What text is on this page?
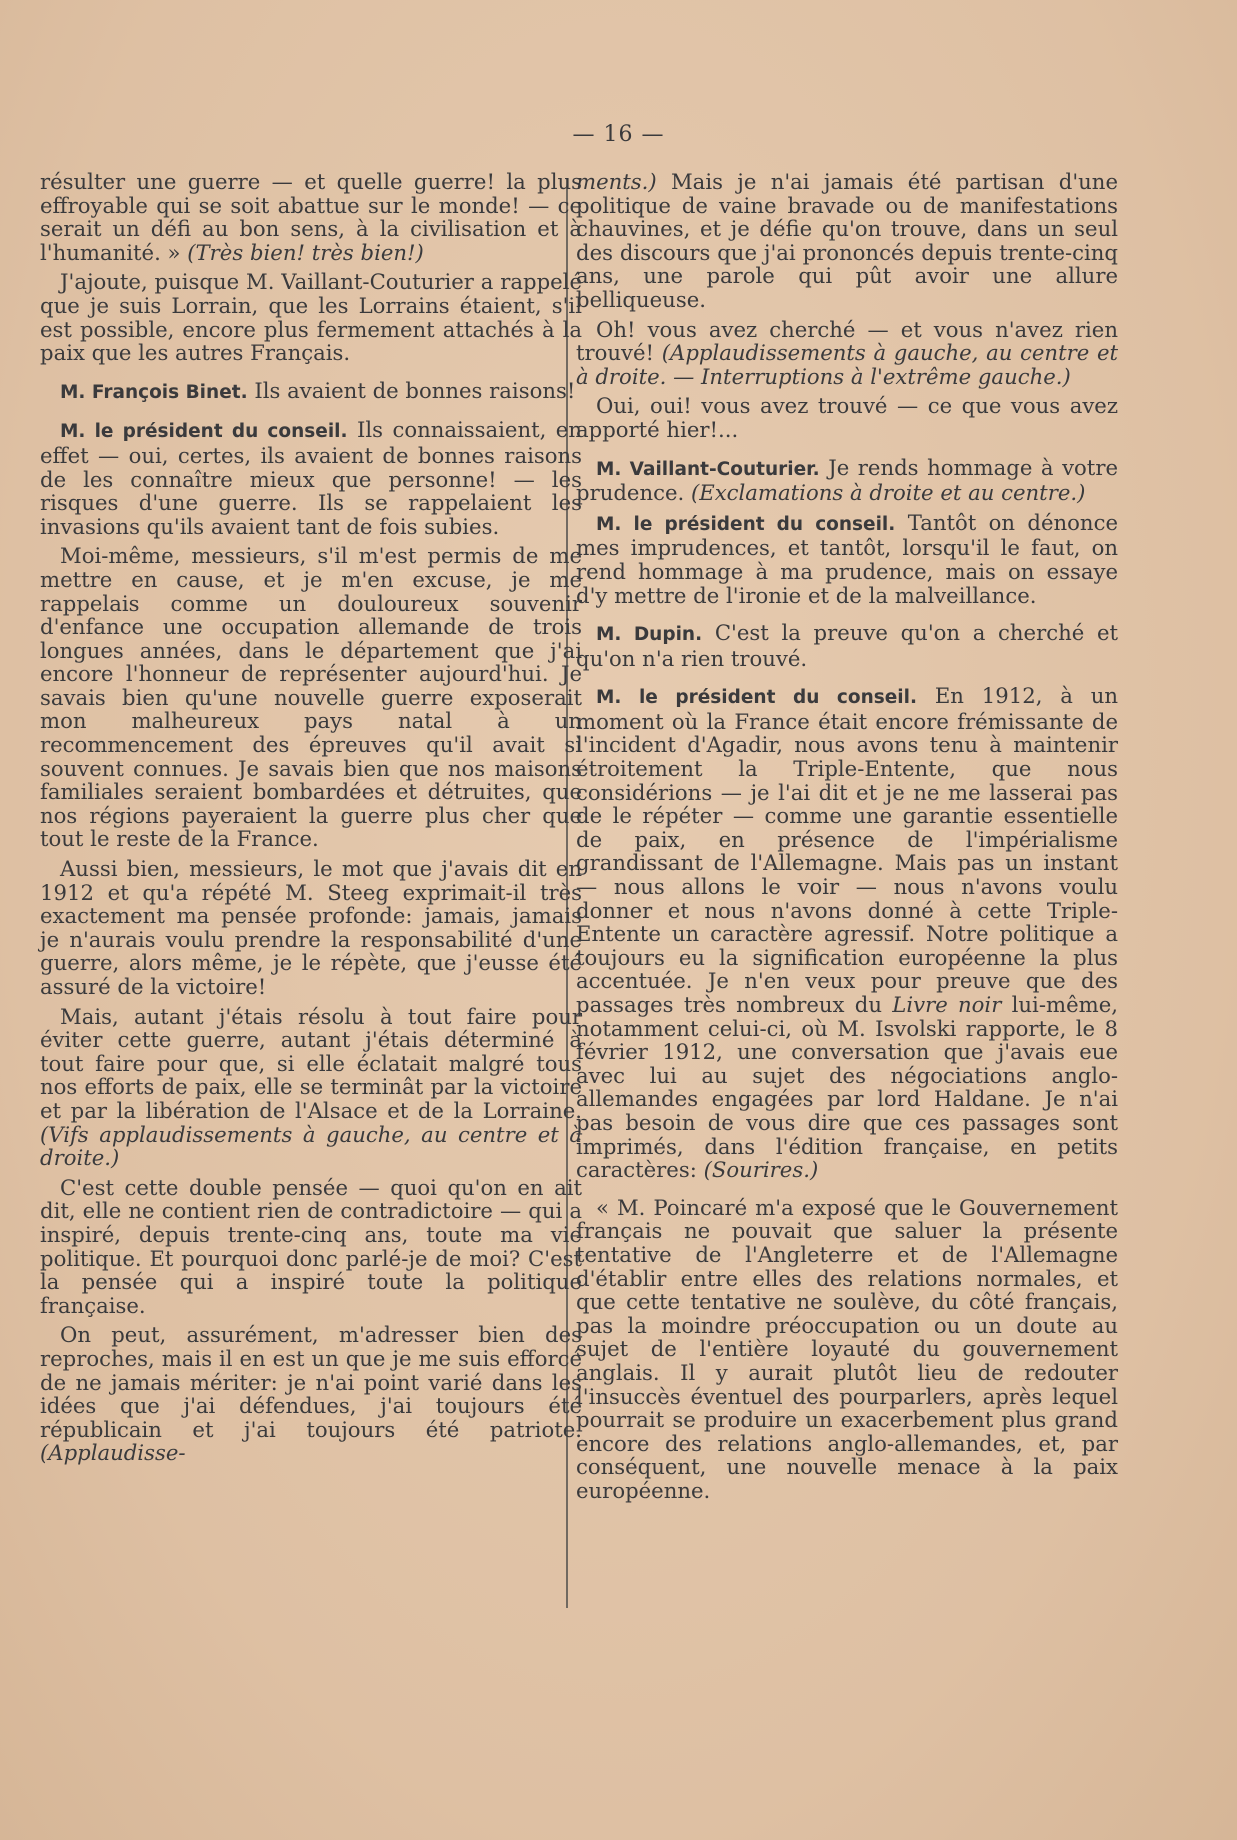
— 16 —

résulter une guerre — et quelle guerre! la plus effroyable qui se soit abattue sur le monde! — ce serait un défi au bon sens, à la civilisation et à l'humanité. » (Très bien! très bien!)

J'ajoute, puisque M. Vaillant-Couturier a rappelé que je suis Lorrain, que les Lorrains étaient, s'il est possible, encore plus fermement attachés à la paix que les autres Français.

M. François Binet. Ils avaient de bonnes raisons!

M. le président du conseil. Ils connaissaient, en effet — oui, certes, ils avaient de bonnes raisons de les connaître mieux que personne! — les risques d'une guerre. Ils se rappelaient les invasions qu'ils avaient tant de fois subies.

Moi-même, messieurs, s'il m'est permis de me mettre en cause, et je m'en excuse, je me rappelais comme un douloureux souvenir d'enfance une occupation allemande de trois longues années, dans le département que j'ai encore l'honneur de représenter aujourd'hui. Je savais bien qu'une nouvelle guerre exposerait mon malheureux pays natal à un recommencement des épreuves qu'il avait si souvent connues. Je savais bien que nos maisons familiales seraient bombardées et détruites, que nos régions payeraient la guerre plus cher que tout le reste de la France.

Aussi bien, messieurs, le mot que j'avais dit en 1912 et qu'a répété M. Steeg exprimait-il très exactement ma pensée profonde: jamais, jamais je n'aurais voulu prendre la responsabilité d'une guerre, alors même, je le répète, que j'eusse été assuré de la victoire!

Mais, autant j'étais résolu à tout faire pour éviter cette guerre, autant j'étais déterminé à tout faire pour que, si elle éclatait malgré tous nos efforts de paix, elle se terminât par la victoire et par la libération de l'Alsace et de la Lorraine. (Vifs applaudissements à gauche, au centre et à droite.)

C'est cette double pensée — quoi qu'on en ait dit, elle ne contient rien de contradictoire — qui a inspiré, depuis trente-cinq ans, toute ma vie politique. Et pourquoi donc parlé-je de moi? C'est la pensée qui a inspiré toute la politique française.

On peut, assurément, m'adresser bien des reproches, mais il en est un que je me suis efforcé de ne jamais mériter: je n'ai point varié dans les idées que j'ai défendues, j'ai toujours été républicain et j'ai toujours été patriote. (Applaudisse-

ments.) Mais je n'ai jamais été partisan d'une politique de vaine bravade ou de manifestations chauvines, et je défie qu'on trouve, dans un seul des discours que j'ai prononcés depuis trente-cinq ans, une parole qui pût avoir une allure belliqueuse.

Oh! vous avez cherché — et vous n'avez rien trouvé! (Applaudissements à gauche, au centre et à droite. — Interruptions à l'extrême gauche.)

Oui, oui! vous avez trouvé — ce que vous avez apporté hier!...

M. Vaillant-Couturier. Je rends hommage à votre prudence. (Exclamations à droite et au centre.)

M. le président du conseil. Tantôt on dénonce mes imprudences, et tantôt, lorsqu'il le faut, on rend hommage à ma prudence, mais on essaye d'y mettre de l'ironie et de la malveillance.

M. Dupin. C'est la preuve qu'on a cherché et qu'on n'a rien trouvé.

M. le président du conseil. En 1912, à un moment où la France était encore frémissante de l'incident d'Agadir, nous avons tenu à maintenir étroitement la Triple-Entente, que nous considérions — je l'ai dit et je ne me lasserai pas de le répéter — comme une garantie essentielle de paix, en présence de l'impérialisme grandissant de l'Allemagne. Mais pas un instant — nous allons le voir — nous n'avons voulu donner et nous n'avons donné à cette Triple-Entente un caractère agressif. Notre politique a toujours eu la signification européenne la plus accentuée. Je n'en veux pour preuve que des passages très nombreux du Livre noir lui-même, notamment celui-ci, où M. Isvolski rapporte, le 8 février 1912, une conversation que j'avais eue avec lui au sujet des négociations anglo-allemandes engagées par lord Haldane. Je n'ai pas besoin de vous dire que ces passages sont imprimés, dans l'édition française, en petits caractères: (Sourires.)

« M. Poincaré m'a exposé que le Gouvernement français ne pouvait que saluer la présente tentative de l'Angleterre et de l'Allemagne d'établir entre elles des relations normales, et que cette tentative ne soulève, du côté français, pas la moindre préoccupation ou un doute au sujet de l'entière loyauté du gouvernement anglais. Il y aurait plutôt lieu de redouter l'insuccès éventuel des pourparlers, après lequel pourrait se produire un exacerbement plus grand encore des relations anglo-allemandes, et, par conséquent, une nouvelle menace à la paix européenne.
